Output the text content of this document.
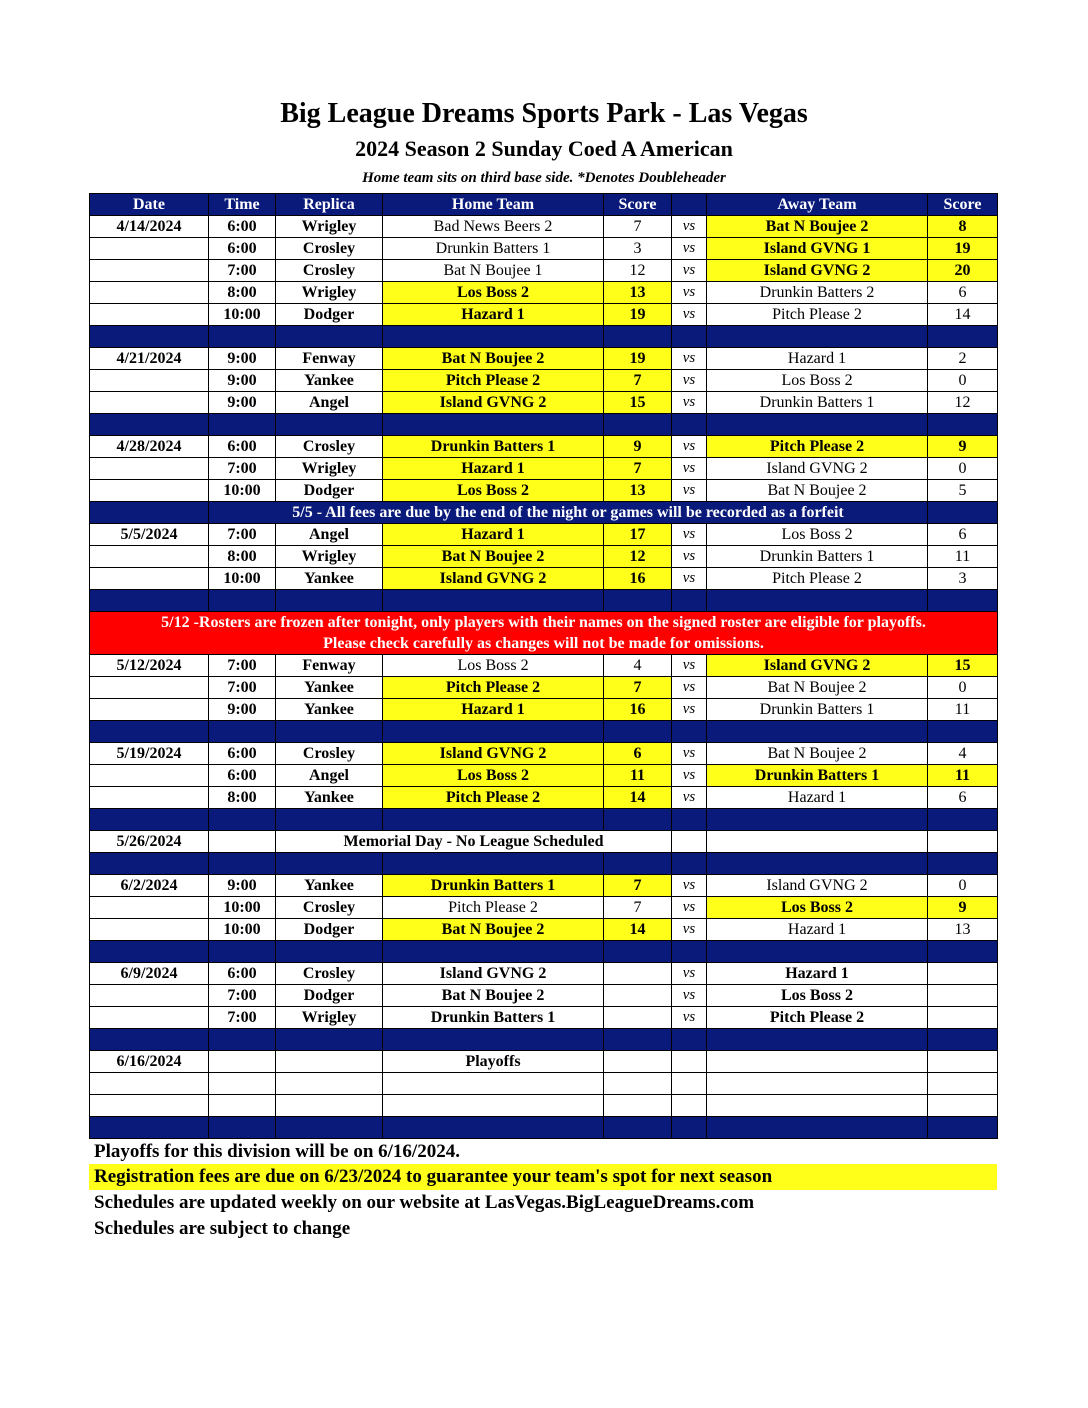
Big League Dreams Sports Park - Las Vegas
2024 Season 2 Sunday Coed A American
Home team sits on third base side. *Denotes Doubleheader
Date	Time	Replica	Home Team	Score		Away Team	Score
4/14/2024	6:00	Wrigley	Bad News Beers 2	7	vs	Bat N Boujee 2	8
	6:00	Crosley	Drunkin Batters 1	3	vs	Island GVNG 1	19
	7:00	Crosley	Bat N Boujee 1	12	vs	Island GVNG 2	20
	8:00	Wrigley	Los Boss 2	13	vs	Drunkin Batters 2	6
	10:00	Dodger	Hazard 1	19	vs	Pitch Please 2	14

4/21/2024	9:00	Fenway	Bat N Boujee 2	19	vs	Hazard 1	2
	9:00	Yankee	Pitch Please 2	7	vs	Los Boss 2	0
	9:00	Angel	Island GVNG 2	15	vs	Drunkin Batters 1	12

4/28/2024	6:00	Crosley	Drunkin Batters 1	9	vs	Pitch Please 2	9
	7:00	Wrigley	Hazard 1	7	vs	Island GVNG 2	0
	10:00	Dodger	Los Boss 2	13	vs	Bat N Boujee 2	5
	5/5 - All fees are due by the end of the night or games will be recorded as a forfeit						
5/5/2024	7:00	Angel	Hazard 1	17	vs	Los Boss 2	6
	8:00	Wrigley	Bat N Boujee 2	12	vs	Drunkin Batters 1	11
	10:00	Yankee	Island GVNG 2	16	vs	Pitch Please 2	3

5/12 -Rosters are frozen after tonight, only players with their names on the signed roster are eligible for playoffs.
Please check carefully as changes will not be made for omissions.							

5/12/2024	7:00	Fenway	Los Boss 2	4	vs	Island GVNG 2	15
	7:00	Yankee	Pitch Please 2	7	vs	Bat N Boujee 2	0
	9:00	Yankee	Hazard 1	16	vs	Drunkin Batters 1	11

5/19/2024	6:00	Crosley	Island GVNG 2	6	vs	Bat N Boujee 2	4
	6:00	Angel	Los Boss 2	11	vs	Drunkin Batters 1	11
	8:00	Yankee	Pitch Please 2	14	vs	Hazard 1	6

5/26/2024		Memorial Day - No League Scheduled					

6/2/2024	9:00	Yankee	Drunkin Batters 1	7	vs	Island GVNG 2	0
	10:00	Crosley	Pitch Please 2	7	vs	Los Boss 2	9
	10:00	Dodger	Bat N Boujee 2	14	vs	Hazard 1	13

6/9/2024	6:00	Crosley	Island GVNG 2		vs	Hazard 1	
	7:00	Dodger	Bat N Boujee 2		vs	Los Boss 2	
	7:00	Wrigley	Drunkin Batters 1		vs	Pitch Please 2	

6/16/2024			Playoffs				

Playoffs for this division will be on 6/16/2024.
Registration fees are due on 6/23/2024 to guarantee your team's spot for next season
Schedules are updated weekly on our website at LasVegas.BigLeagueDreams.com
Schedules are subject to change
